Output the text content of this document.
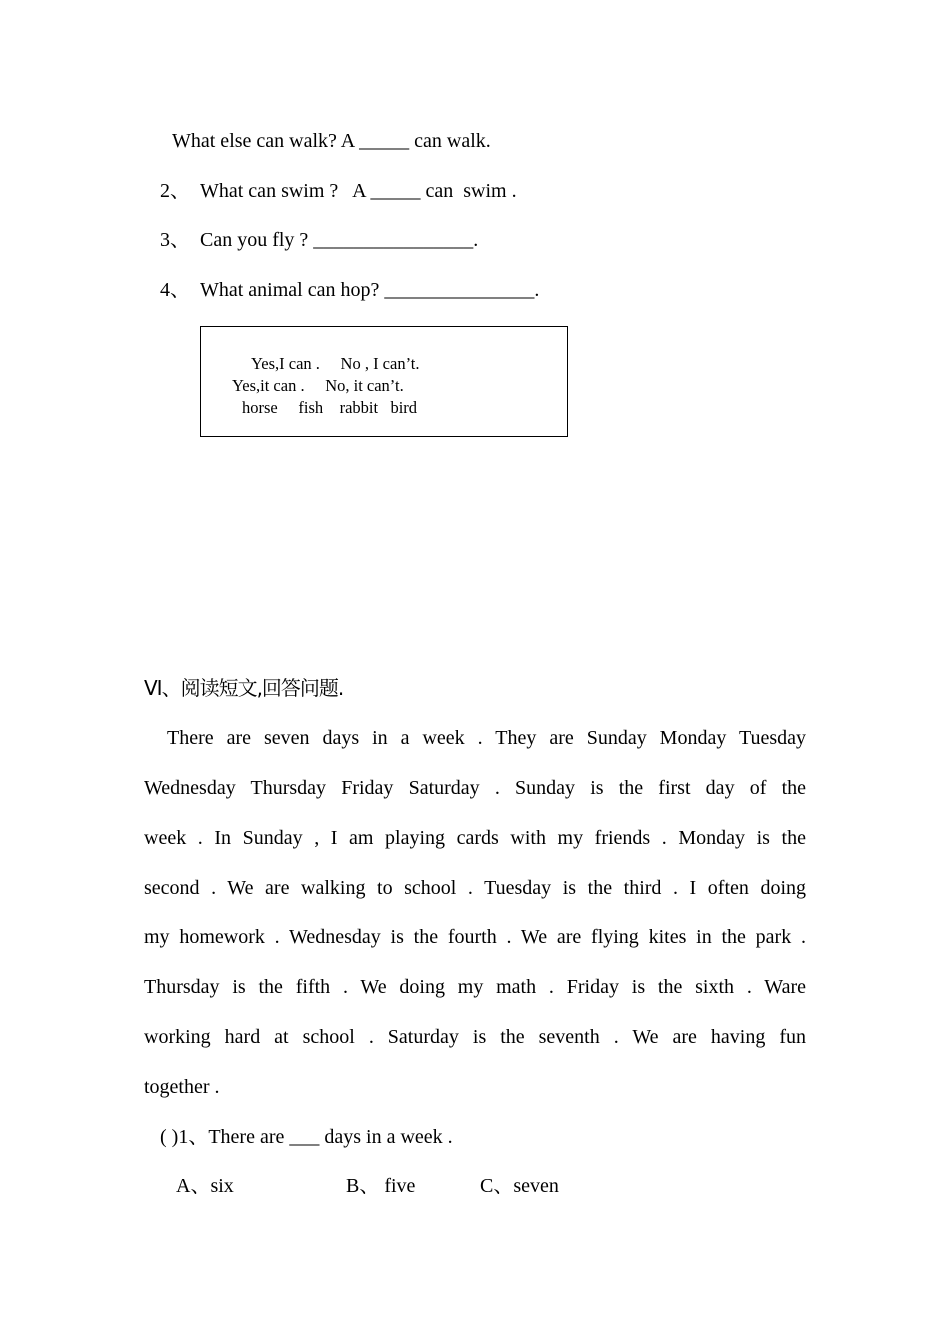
What else can walk? A _____ can walk.
2、  What can swim ?   A _____ can  swim .
3、  Can you fly ? ________________.
4、  What animal can hop? _______________.
Yes,I can .     No , I can’t.
Yes,it can .     No, it can’t.
horse     fish    rabbit   bird
VI、阅读短文,回答问题.
There are seven days in a week . They are Sunday Monday Tuesday
Wednesday Thursday Friday Saturday . Sunday is the first day of the
week . In Sunday , I am playing cards with my friends . Monday is the
second . We are walking to school . Tuesday is the third . I often doing
my homework . Wednesday is the fourth . We are flying kites in the park .
Thursday is the fifth . We doing my math . Friday is the sixth . Ware
working hard at school . Saturday is the seventh . We are having fun
together .
( )1、There are ___ days in a week .
A、six	B、 five	C、seven
